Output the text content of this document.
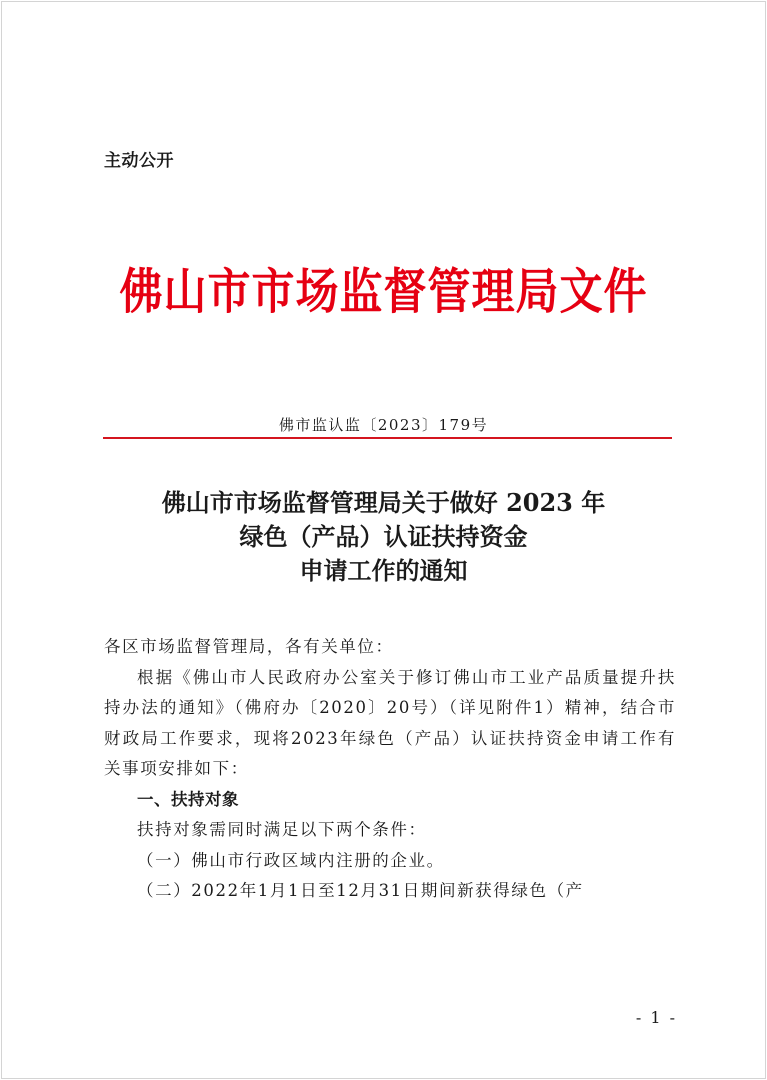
主动公开
佛山市市场监督管理局文件
佛市监认监〔2023〕179号
佛山市市场监督管理局关于做好 2023 年
绿色（产品）认证扶持资金
申请工作的通知

各区市场监督管理局，各有关单位：

根据《佛山市人民政府办公室关于修订佛山市工业产品质量提升扶持办法的通知》（佛府办〔2020〕20号）（详见附件1）精神，结合市财政局工作要求，现将2023年绿色（产品）认证扶持资金申请工作有关事项安排如下：

一、扶持对象

扶持对象需同时满足以下两个条件：

（一）佛山市行政区域内注册的企业。

（二）2022年1月1日至12月31日期间新获得绿色（产

- 1 -
